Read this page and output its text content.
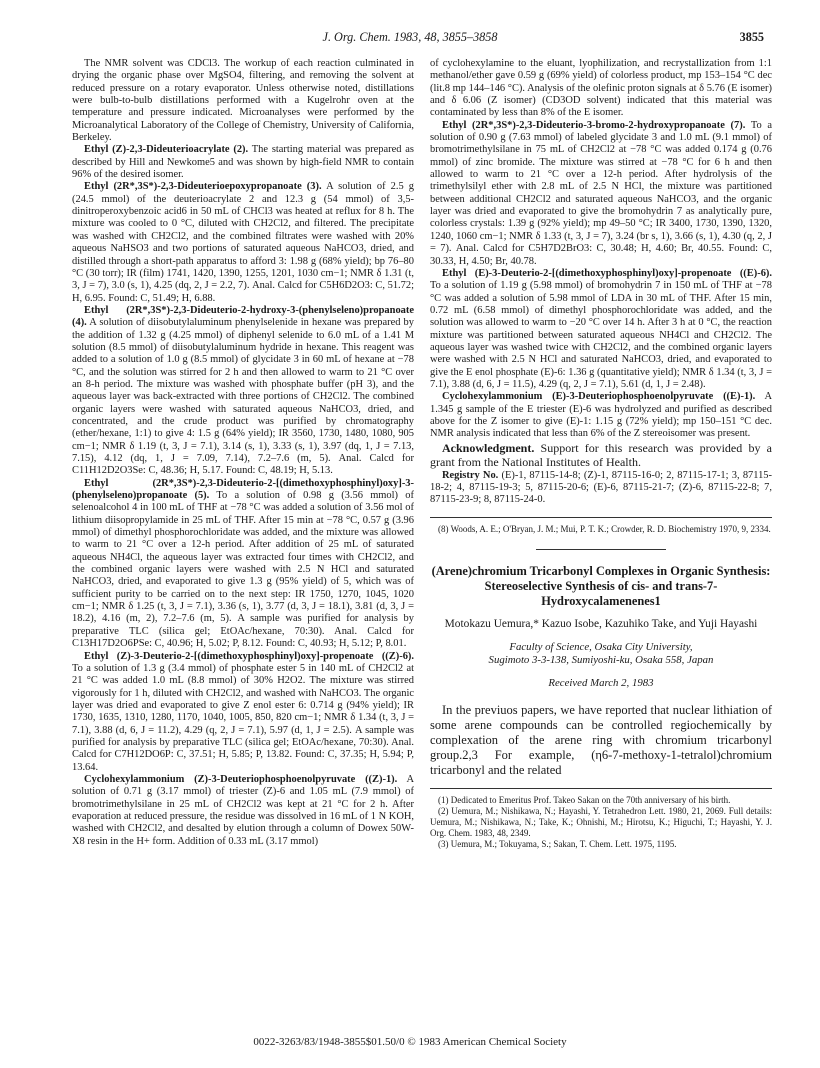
J. Org. Chem. 1983, 48, 3855–3858	3855

The NMR solvent was CDCl3. The workup of each reaction culminated in drying the organic phase over MgSO4, filtering, and removing the solvent at reduced pressure on a rotary evaporator. Unless otherwise noted, distillations were bulb-to-bulb distillations performed with a Kugelrohr oven at the temperature and pressure indicated. Microanalyses were performed by the Microanalytical Laboratory of the College of Chemistry, University of California, Berkeley.

Ethyl (Z)-2,3-Dideuterioacrylate (2). The starting material was prepared as described by Hill and Newkome5 and was shown by high-field NMR to contain 96% of the desired isomer.

Ethyl (2R*,3S*)-2,3-Dideuterioepoxypropanoate (3). A solution of 2.5 g (24.5 mmol) of the deuterioacrylate 2 and 12.3 g (54 mmol) of 3,5-dinitroperoxybenzoic acid6 in 50 mL of CHCl3 was heated at reflux for 8 h. The mixture was cooled to 0 °C, diluted with CH2Cl2, and filtered. The precipitate was washed with CH2Cl2, and the combined filtrates were washed with 20% aqueous NaHSO3 and two portions of saturated aqueous NaHCO3, dried, and distilled through a short-path apparatus to afford 3: 1.98 g (68% yield); bp 76–80 °C (30 torr); IR (film) 1741, 1420, 1390, 1255, 1201, 1030 cm−1; NMR δ 1.31 (t, 3, J = 7), 3.0 (s, 1), 4.25 (dq, 2, J = 2.2, 7). Anal. Calcd for C5H6D2O3: C, 51.72; H, 6.95. Found: C, 51.49; H, 6.88.

Ethyl (2R*,3S*)-2,3-Dideuterio-2-hydroxy-3-(phenylseleno)propanoate (4). A solution of diisobutylaluminum phenylselenide in hexane was prepared by the addition of 1.32 g (4.25 mmol) of diphenyl selenide to 6.0 mL of a 1.41 M solution (8.5 mmol) of diisobutylaluminum hydride in hexane. This reagent was added to a solution of 1.0 g (8.5 mmol) of glycidate 3 in 60 mL of hexane at −78 °C, and the solution was stirred for 2 h and then allowed to warm to 21 °C over an 8-h period. The mixture was washed with phosphate buffer (pH 3), and the aqueous layer was back-extracted with three portions of CH2Cl2. The combined organic layers were washed with saturated aqueous NaHCO3, dried, and concentrated, and the crude product was purified by chromatography (ether/hexane, 1:1) to give 4: 1.5 g (64% yield); IR 3560, 1730, 1480, 1080, 905 cm−1; NMR δ 1.19 (t, 3, J = 7.1), 3.14 (s, 1), 3.33 (s, 1), 3.97 (dq, 1, J = 7.13, 7.15), 4.12 (dq, 1, J = 7.09, 7.14), 7.2–7.6 (m, 5). Anal. Calcd for C11H12D2O3Se: C, 48.36; H, 5.17. Found: C, 48.19; H, 5.13.

Ethyl (2R*,3S*)-2,3-Dideuterio-2-[(dimethoxyphosphinyl)oxy]-3-(phenylseleno)propanoate (5). To a solution of 0.98 g (3.56 mmol) of selenoalcohol 4 in 100 mL of THF at −78 °C was added a solution of 3.56 mol of lithium diisopropylamide in 25 mL of THF. After 15 min at −78 °C, 0.57 g (3.96 mmol) of dimethyl phosphorochloridate was added, and the mixture was allowed to warm to 21 °C over a 12-h period. After addition of 25 mL of saturated aqueous NH4Cl, the aqueous layer was extracted four times with CH2Cl2, and the combined organic layers were washed with 2.5 N HCl and saturated NaHCO3, dried, and evaporated to give 1.3 g (95% yield) of 5, which was of sufficient purity to be carried on to the next step: IR 1750, 1270, 1045, 1020 cm−1; NMR δ 1.25 (t, 3, J = 7.1), 3.36 (s, 1), 3.77 (d, 3, J = 18.1), 3.81 (d, 3, J = 18.2), 4.16 (m, 2), 7.2–7.6 (m, 5). A sample was purified for analysis by preparative TLC (silica gel; EtOAc/hexane, 70:30). Anal. Calcd for C13H17D2O6PSe: C, 40.96; H, 5.02; P, 8.12. Found: C, 40.93; H, 5.12; P, 8.01.

Ethyl (Z)-3-Deuterio-2-[(dimethoxyphosphinyl)oxy]-propenoate ((Z)-6). To a solution of 1.3 g (3.4 mmol) of phosphate ester 5 in 140 mL of CH2Cl2 at 21 °C was added 1.0 mL (8.8 mmol) of 30% H2O2. The mixture was stirred vigorously for 1 h, diluted with CH2Cl2, and washed with NaHCO3. The organic layer was dried and evaporated to give Z enol ester 6: 0.714 g (94% yield); IR 1730, 1635, 1310, 1280, 1170, 1040, 1005, 850, 820 cm−1; NMR δ 1.34 (t, 3, J = 7.1), 3.88 (d, 6, J = 11.2), 4.29 (q, 2, J = 7.1), 5.97 (d, 1, J = 2.5). A sample was purified for analysis by preparative TLC (silica gel; EtOAc/hexane, 70:30). Anal. Calcd for C7H12DO6P: C, 37.51; H, 5.85; P, 13.82. Found: C, 37.35; H, 5.94; P, 13.64.

Cyclohexylammonium (Z)-3-Deuteriophosphoenolpyruvate ((Z)-1). A solution of 0.71 g (3.17 mmol) of triester (Z)-6 and 1.05 mL (7.9 mmol) of bromotrimethylsilane in 25 mL of CH2Cl2 was kept at 21 °C for 2 h. After evaporation at reduced pressure, the residue was dissolved in 16 mL of 1 N KOH, washed with CH2Cl2, and desalted by elution through a column of Dowex 50W-X8 resin in the H+ form. Addition of 0.33 mL (3.17 mmol)

of cyclohexylamine to the eluant, lyophilization, and recrystallization from 1:1 methanol/ether gave 0.59 g (69% yield) of colorless product, mp 153–154 °C dec (lit.8 mp 144–146 °C). Analysis of the olefinic proton signals at δ 5.76 (E isomer) and δ 6.06 (Z isomer) (CD3OD solvent) indicated that this material was contaminated by less than 8% of the E isomer.

Ethyl (2R*,3S*)-2,3-Dideuterio-3-bromo-2-hydroxypropanoate (7). To a solution of 0.90 g (7.63 mmol) of labeled glycidate 3 and 1.0 mL (9.1 mmol) of bromotrimethylsilane in 75 mL of CH2Cl2 at −78 °C was added 0.174 g (0.76 mmol) of zinc bromide. The mixture was stirred at −78 °C for 6 h and then allowed to warm to 21 °C over a 12-h period. After hydrolysis of the trimethylsilyl ether with 2.8 mL of 2.5 N HCl, the mixture was partitioned between additional CH2Cl2 and saturated aqueous NaHCO3, and the organic layer was dried and evaporated to give the bromohydrin 7 as analytically pure, colorless crystals: 1.39 g (92% yield); mp 49–50 °C; IR 3400, 1730, 1390, 1320, 1240, 1060 cm−1; NMR δ 1.33 (t, 3, J = 7), 3.24 (br s, 1), 3.66 (s, 1), 4.30 (q, 2, J = 7). Anal. Calcd for C5H7D2BrO3: C, 30.48; H, 4.60; Br, 40.55. Found: C, 30.33, H, 4.50; Br, 40.78.

Ethyl (E)-3-Deuterio-2-[(dimethoxyphosphinyl)oxy]-propenoate ((E)-6). To a solution of 1.19 g (5.98 mmol) of bromohydrin 7 in 150 mL of THF at −78 °C was added a solution of 5.98 mmol of LDA in 30 mL of THF. After 15 min, 0.72 mL (6.58 mmol) of dimethyl phosphorochloridate was added, and the solution was allowed to warm to −20 °C over 14 h. After 3 h at 0 °C, the reaction mixture was partitioned between saturated aqueous NH4Cl and CH2Cl2. The aqueous layer was washed twice with CH2Cl2, and the combined organic layers were washed with 2.5 N HCl and saturated NaHCO3, dried, and evaporated to give the E enol phosphate (E)-6: 1.36 g (quantitative yield); NMR δ 1.34 (t, 3, J = 7.1), 3.88 (d, 6, J = 11.5), 4.29 (q, 2, J = 7.1), 5.61 (d, 1, J = 2.48).

Cyclohexylammonium (E)-3-Deuteriophosphoenolpyruvate ((E)-1). A 1.345 g sample of the E triester (E)-6 was hydrolyzed and purified as described above for the Z isomer to give (E)-1: 1.15 g (72% yield); mp 150–151 °C dec. NMR analysis indicated that less than 6% of the Z stereoisomer was present.

Acknowledgment. Support for this research was provided by a grant from the National Institutes of Health.

Registry No. (E)-1, 87115-14-8; (Z)-1, 87115-16-0; 2, 87115-17-1; 3, 87115-18-2; 4, 87115-19-3; 5, 87115-20-6; (E)-6, 87115-21-7; (Z)-6, 87115-22-8; 7, 87115-23-9; 8, 87115-24-0.

(8) Woods, A. E.; O'Bryan, J. M.; Mui, P. T. K.; Crowder, R. D. Biochemistry 1970, 9, 2334.

(Arene)chromium Tricarbonyl Complexes in Organic Synthesis: Stereoselective Synthesis of cis- and trans-7-Hydroxycalamenenes1
Motokazu Uemura,* Kazuo Isobe, Kazuhiko Take, and Yuji Hayashi
Faculty of Science, Osaka City University,
Sugimoto 3-3-138, Sumiyoshi-ku, Osaka 558, Japan
Received March 2, 1983

In the previuos papers, we have reported that nuclear lithiation of some arene compounds can be controlled regiochemically by complexation of the arene ring with chromium tricarbonyl group.2,3 For example, (η6-7-methoxy-1-tetralol)chromium tricarbonyl and the related

(1) Dedicated to Emeritus Prof. Takeo Sakan on the 70th anniversary of his birth.

(2) Uemura, M.; Nishikawa, N.; Hayashi, Y. Tetrahedron Lett. 1980, 21, 2069. Full details: Uemura, M.; Nishikawa, N.; Take, K.; Ohnishi, M.; Hirotsu, K.; Higuchi, T.; Hayashi, Y. J. Org. Chem. 1983, 48, 2349.

(3) Uemura, M.; Tokuyama, S.; Sakan, T. Chem. Lett. 1975, 1195.

0022-3263/83/1948-3855$01.50/0 © 1983 American Chemical Society
